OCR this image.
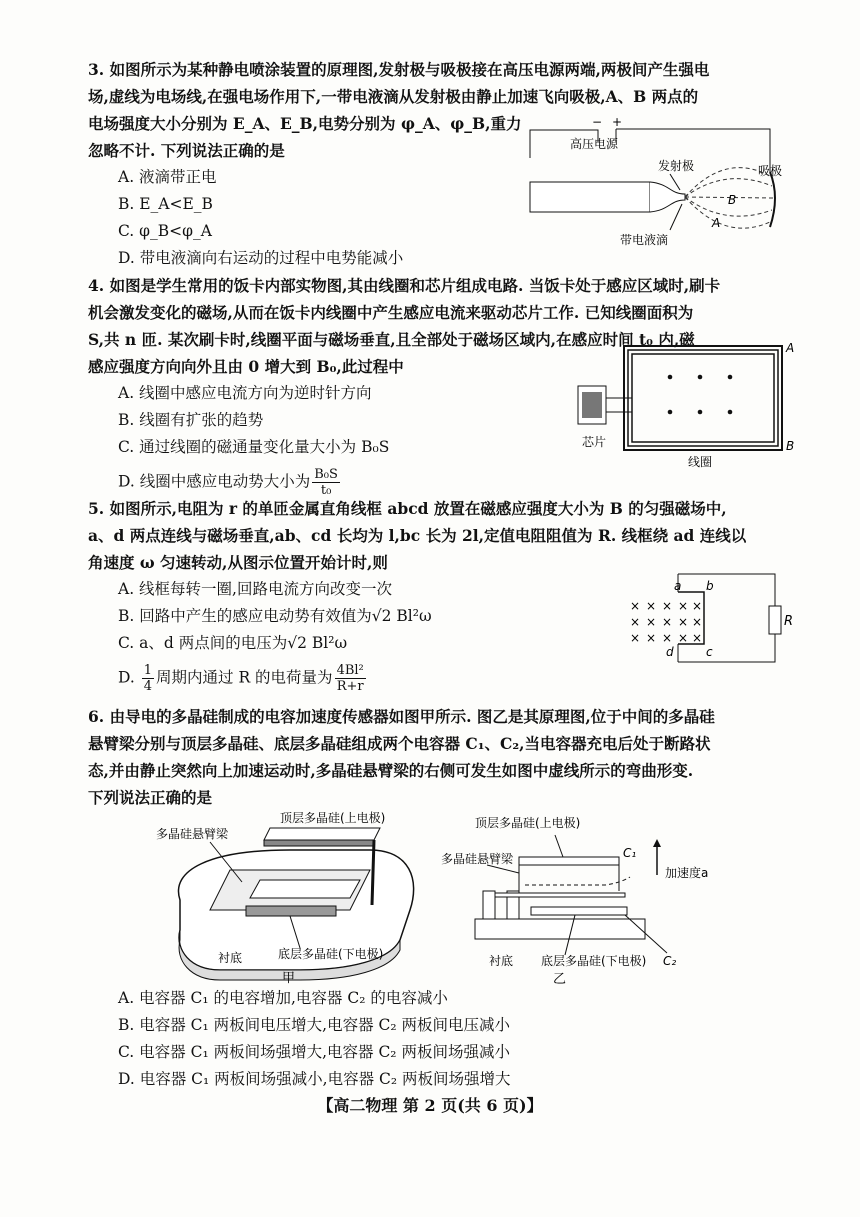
3. 如图所示为某种静电喷涂装置的原理图,发射极与吸极接在高压电源两端,两极间产生强电

场,虚线为电场线,在强电场作用下,一带电液滴从发射极由静止加速飞向吸极,A、B 两点的

电场强度大小分别为 E_A、E_B,电势分别为 φ_A、φ_B,重力

忽略不计. 下列说法正确的是

A. 液滴带正电

B. E_A<E_B

C. φ_B<φ_A

D. 带电液滴向右运动的过程中电势能减小

− +
高压电源
发射极	吸极
B
A
带电液滴

4. 如图是学生常用的饭卡内部实物图,其由线圈和芯片组成电路. 当饭卡处于感应区域时,刷卡

机会激发变化的磁场,从而在饭卡内线圈中产生感应电流来驱动芯片工作. 已知线圈面积为

S,共 n 匝. 某次刷卡时,线圈平面与磁场垂直,且全部处于磁场区域内,在感应时间 t₀ 内,磁

感应强度方向向外且由 0 增大到 B₀,此过程中

A. 线圈中感应电流方向为逆时针方向

B. 线圈有扩张的趋势

C. 通过线圈的磁通量变化量大小为 B₀S

D. 线圈中感应电动势大小为 $\frac{\text{B₀S}}{\text{t₀}}$

A
B
芯片
线圈

5. 如图所示,电阻为 r 的单匝金属直角线框 abcd 放置在磁感应强度大小为 B 的匀强磁场中,

a、d 两点连线与磁场垂直,ab、cd 长均为 l,bc 长为 2l,定值电阻阻值为 R. 线框绕 ad 连线以

角速度 ω 匀速转动,从图示位置开始计时,则

A. 线框每转一圈,回路电流方向改变一次

B. 回路中产生的感应电动势有效值为√2 Bl²ω

C. a、d 两点间的电压为√2 Bl²ω

D. $\frac{1}{4}$ 周期内通过 R 的电荷量为 $\frac{\text{4Bl²}}{R+r}$

R
a b
c
d
× × × × ×
× × × × ×
× × × × ×

6. 由导电的多晶硅制成的电容加速度传感器如图甲所示. 图乙是其原理图,位于中间的多晶硅

悬臂梁分别与顶层多晶硅、底层多晶硅组成两个电容器 C₁、C₂,当电容器充电后处于断路状

态,并由静止突然向上加速运动时,多晶硅悬臂梁的右侧可发生如图中虚线所示的弯曲形变.

下列说法正确的是

顶层多晶硅(上电极)
多晶硅悬臂梁
衬底	底层多晶硅(下电极)
甲
顶层多晶硅(上电极)
多晶硅悬臂梁	C₁
加速度a
衬底 底层多晶硅(下电极) C₂
乙

A. 电容器 C₁ 的电容增加,电容器 C₂ 的电容减小

B. 电容器 C₁ 两板间电压增大,电容器 C₂ 两板间电压减小

C. 电容器 C₁ 两板间场强增大,电容器 C₂ 两板间场强减小

D. 电容器 C₁ 两板间场强减小,电容器 C₂ 两板间场强增大

【高二物理 第 2 页(共 6 页)】
